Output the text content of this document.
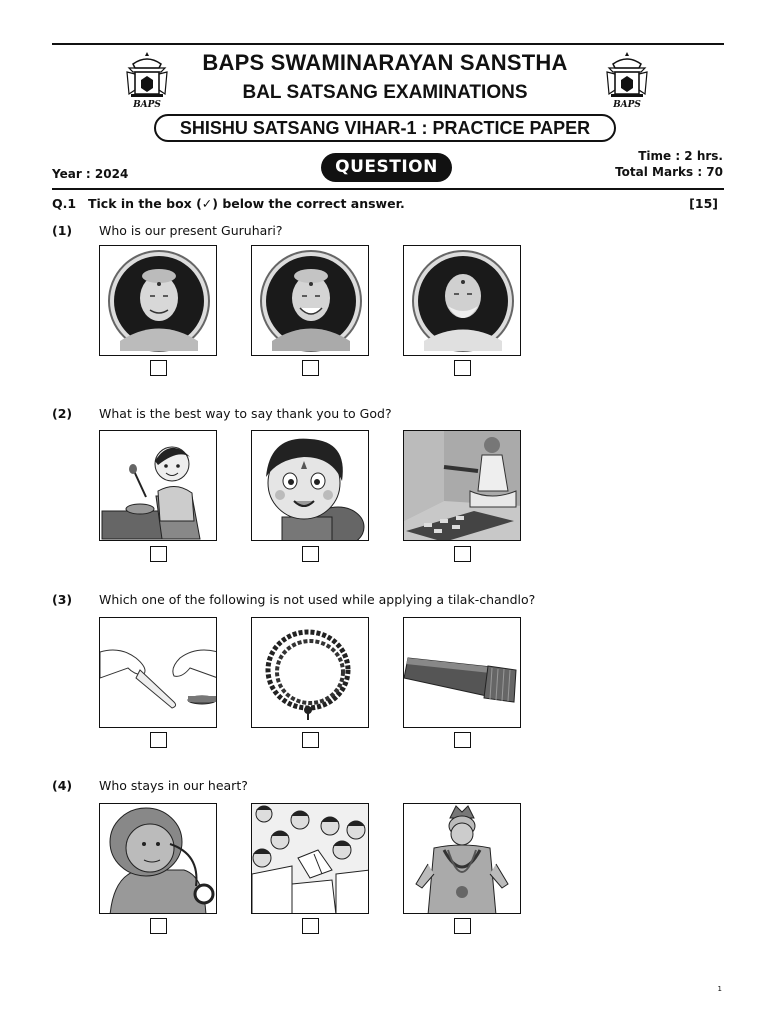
BAPS	BAPS
BAPS SWAMINARAYAN SANSTHA
BAL SATSANG EXAMINATIONS
SHISHU SATSANG VIHAR-1 : PRACTICE PAPER
QUESTION
Year : 2024
Time : 2 hrs.
Total Marks : 70
Q.1 Tick in the box (✓) below the correct answer.	[15]
(1) Who is our present Guruhari?
(2) What is the best way to say thank you to God?
(3) Which one of the following is not used while applying a tilak-chandlo?
(4) Who stays in our heart?
1
